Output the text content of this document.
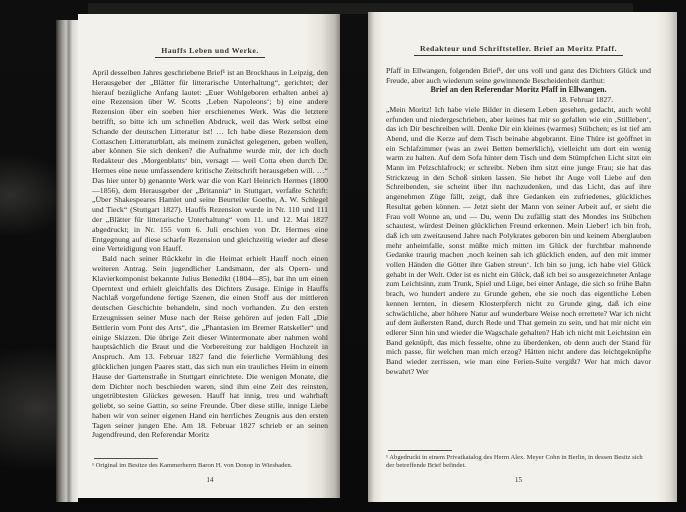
Hauffs Leben und Werke.

April desselben Jahres geschriebene Brief¹ ist an Brockhaus in Leipzig, den Herausgeber der „Blätter für litterarische Unterhaltung“, gerichtet; der hierauf bezügliche Anfang lautet: „Euer Wohlgeboren erhalten anbei a) eine Rezension über W. Scotts ‚Leben Napoleons‘; b) eine andere Rezension über ein soeben hier erschienenes Werk. Was die letztere betrifft, so bitte ich um schnellen Abdruck, weil das Werk selbst eine Schande der deutschen Litteratur ist! … Ich habe diese Rezension dem Cottaschen Litteraturblatt, als meinem zunächst gelegenen, geben wollen, aber können Sie sich denken? die Aufnahme wurde mir, der ich doch Redakteur des ‚Morgenblatts‘ bin, versagt — weil Cotta eben durch Dr. Hermes eine neue umfassendere kritische Zeitschrift herausgeben will. …“ Das hier unter b) genannte Werk war die von Karl Heinrich Hermes (1800—1856), dem Herausgeber der „Britannia“ in Stuttgart, verfaßte Schrift: „Über Shakespeares Hamlet und seine Beurteiler Goethe, A. W. Schlegel und Tieck“ (Stuttgart 1827). Hauffs Rezension wurde in Nr. 110 und 111 der „Blätter für litterarische Unterhaltung“ vom 11. und 12. Mai 1827 abgedruckt; in Nr. 155 vom 6. Juli erschien von Dr. Hermes eine Entgegnung auf diese scharfe Rezension und gleichzeitig wieder auf diese eine Verteidigung von Hauff.

Bald nach seiner Rückkehr in die Heimat erhielt Hauff noch einen weiteren Antrag. Sein jugendlicher Landsmann, der als Opern- und Klavierkomponist bekannte Julius Benedikt (1804—85), bat ihn um einen Operntext und erhielt gleichfalls des Dichters Zusage. Einige in Hauffs Nachlaß vorgefundene fertige Szenen, die einen Stoff aus der mittleren deutschen Geschichte behandeln, sind noch vorhanden. Zu den ersten Erzeugnissen seiner Muse nach der Reise gehören auf jeden Fall „Die Bettlerin vom Pont des Arts“, die „Phantasien im Bremer Ratskeller“ und einige Skizzen. Die übrige Zeit dieser Wintermonate aber nahmen wohl hauptsächlich die Braut und die Vorbereitung zur baldigen Hochzeit in Anspruch. Am 13. Februar 1827 fand die feierliche Vermählung des glücklichen jungen Paares statt, das sich nun ein trauliches Heim in einem Hause der Gartenstraße in Stuttgart einrichtete. Die wenigen Monate, die dem Dichter noch beschieden waren, sind ihm eine Zeit des reinsten, ungetrübtesten Glückes gewesen. Hauff hat innig, treu und wahrhaft geliebt, so seine Gattin, so seine Freunde. Über diese stille, innige Liebe haben wir von seiner eigenen Hand ein herrliches Zeugnis aus den ersten Tagen seiner jungen Ehe. Am 18. Februar 1827 schrieb er an seinen Jugendfreund, den Referendar Moritz

¹ Original im Besitze des Kammerherrn Baron H. von Donop in Wiesbaden.

14
Redakteur und Schriftsteller. Brief an Moritz Pfaff.

Pfaff in Ellwangen, folgenden Brief¹, der uns voll und ganz des Dichters Glück und Freude, aber auch wiederum seine gewinnende Bescheidenheit darthut:

Brief an den Referendar Moritz Pfaff in Ellwangen.

18. Februar 1827.

„Mein Moritz! Ich habe viele Bilder in diesem Leben gesehen, gedacht, auch wohl erfunden und niedergeschrieben, aber keines hat mir so gefallen wie ein ‚Stillleben‘, das ich Dir beschreiben will. Denke Dir ein kleines (warmes) Stübchen; es ist tief am Abend, und die Kerze auf dem Tisch beinahe abgebrannt. Eine Thüre ist geöffnet in ein Schlafzimmer (was an zwei Betten bemerklich), vielleicht um dort ein wenig warm zu halten. Auf dem Sofa hinter dem Tisch und dem Stümpfchen Licht sitzt ein Mann im Pelzschlafrock; er schreibt. Neben ihm sitzt eine junge Frau; sie hat das Strickzeug in den Schoß sinken lassen. Sie hebet ihr Auge voll Liebe auf den Schreibenden, sie scheint über ihn nachzudenken, und das Licht, das auf ihre angenehmen Züge fällt, zeigt, daß ihre Gedanken ein zufriedenes, glückliches Resultat geben können. — Jetzt sieht der Mann von seiner Arbeit auf, er sieht die Frau voll Wonne an, und — Du, wenn Du zufällig statt des Mondes ins Stübchen schautest, würdest Deinen glücklichen Freund erkennen. Mein Lieber! ich bin froh, daß ich um zweitausend Jahre nach Polykrates geboren bin und keinem Aberglauben mehr anheimfalle, sonst müßte mich mitten im Glück der furchtbar mahnende Gedanke traurig machen ‚noch keinen sah ich glücklich enden, auf den mit immer vollen Händen die Götter ihre Gaben streun‘. Ich bin so jung, ich habe viel Glück gehabt in der Welt. Oder ist es nicht ein Glück, daß ich bei so ausgezeichneter Anlage zum Leichtsinn, zum Trunk, Spiel und Lüge, bei einer Anlage, die sich so frühe Bahn brach, wo hundert andere zu Grunde gehen, ehe sie noch das eigentliche Leben kennen lernten, in diesem Klosterpferch nicht zu Grunde ging, daß ich eine schwächliche, aber höhere Natur auf wunderbare Weise noch errettete? War ich nicht auf dem äußersten Rand, durch Rede und That gemein zu sein, und hat mir nicht ein edlerer Sinn hin und wieder die Wagschale gehalten? Hab ich nicht mit Leichtsinn ein Band geknüpft, das mich fesselte, ohne zu überdenken, ob denn auch der Stand für mich passe, für welchen man mich erzog? Hätten nicht andere das leichtgeknüpfte Band wieder zerrissen, wie man eine Ferien-Suite vergißt? Wer hat mich davor bewahrt? Wer

¹ Abgedruckt in einem Privatkatalog des Herrn Alex. Meyer Cohn in Berlin, in dessen Besitz sich der betreffende Brief befindet.

15
